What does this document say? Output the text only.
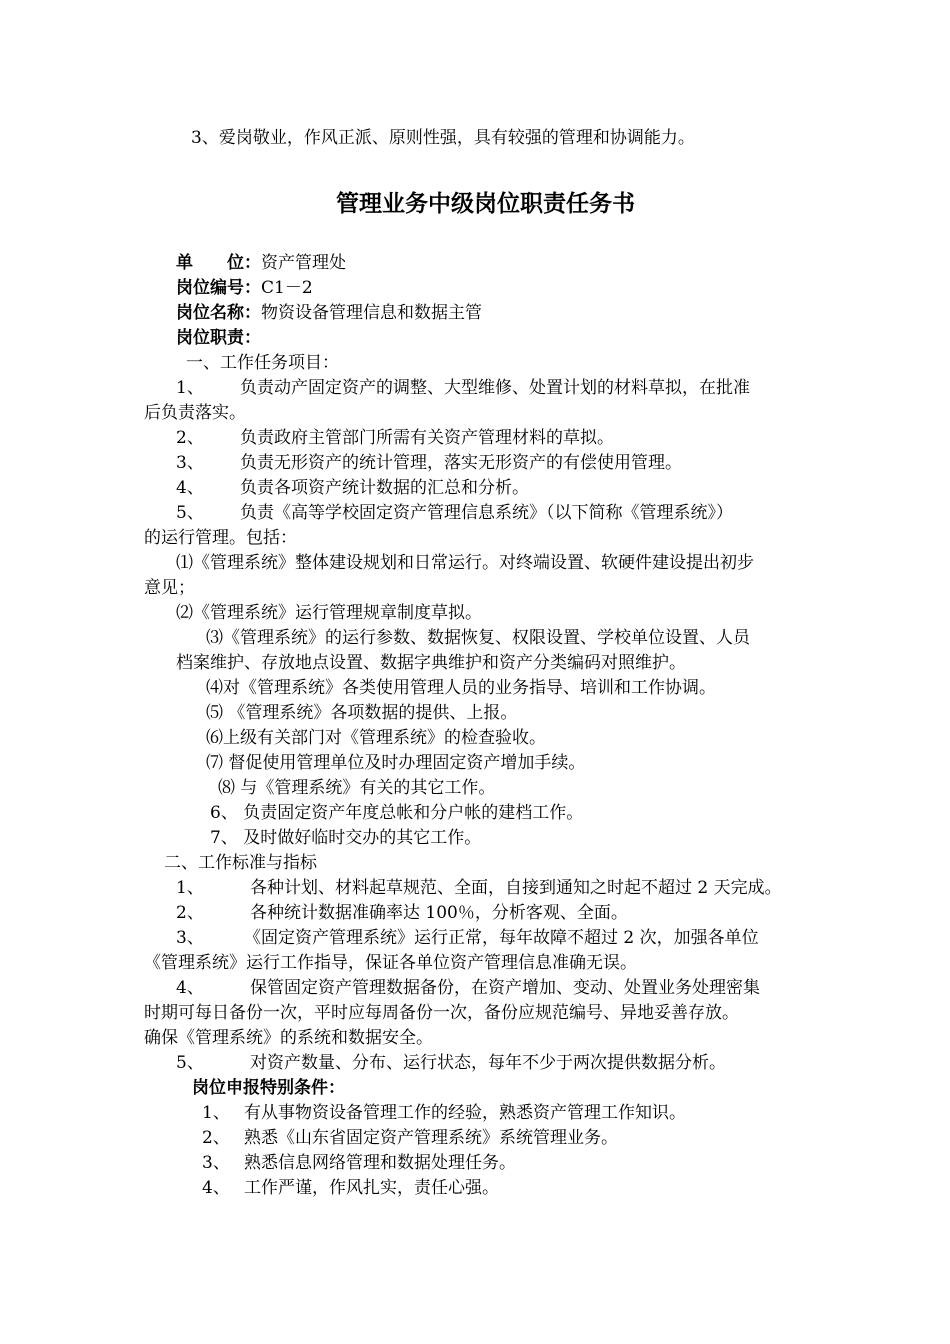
3、爱岗敬业，作风正派、原则性强，具有较强的管理和协调能力。
管理业务中级岗位职责任务书
单　　位：资产管理处
岗位编号：C1－2
岗位名称：物资设备管理信息和数据主管
岗位职责：
一、工作任务项目：
1、 负责动产固定资产的调整、大型维修、处置计划的材料草拟，在批准
后负责落实。
2、 负责政府主管部门所需有关资产管理材料的草拟。
3、 负责无形资产的统计管理，落实无形资产的有偿使用管理。
4、 负责各项资产统计数据的汇总和分析。
5、 负责《高等学校固定资产管理信息系统》（以下简称《管理系统》）
的运行管理。包括：
⑴《管理系统》整体建设规划和日常运行。对终端设置、软硬件建设提出初步
意见；
⑵《管理系统》运行管理规章制度草拟。
⑶《管理系统》的运行参数、数据恢复、权限设置、学校单位设置、人员
档案维护、存放地点设置、数据字典维护和资产分类编码对照维护。
⑷对《管理系统》各类使用管理人员的业务指导、培训和工作协调。
⑸ 《管理系统》各项数据的提供、上报。
⑹上级有关部门对《管理系统》的检查验收。
⑺ 督促使用管理单位及时办理固定资产增加手续。
⑻ 与《管理系统》有关的其它工作。
6、 负责固定资产年度总帐和分户帐的建档工作。
7、 及时做好临时交办的其它工作。
二、工作标准与指标
1、	各种计划、材料起草规范、全面，自接到通知之时起不超过 2 天完成。
2、	各种统计数据准确率达 100％，分析客观、全面。
3、 《固定资产管理系统》运行正常，每年故障不超过 2 次，加强各单位
《管理系统》运行工作指导，保证各单位资产管理信息准确无误。
4、	保管固定资产管理数据备份，在资产增加、变动、处置业务处理密集
时期可每日备份一次，平时应每周备份一次，备份应规范编号、异地妥善存放。
确保《管理系统》的系统和数据安全。
5、	对资产数量、分布、运行状态，每年不少于两次提供数据分析。
岗位申报特别条件：
1、 有从事物资设备管理工作的经验，熟悉资产管理工作知识。
2、 熟悉《山东省固定资产管理系统》系统管理业务。
3、 熟悉信息网络管理和数据处理任务。
4、 工作严谨，作风扎实，责任心强。
